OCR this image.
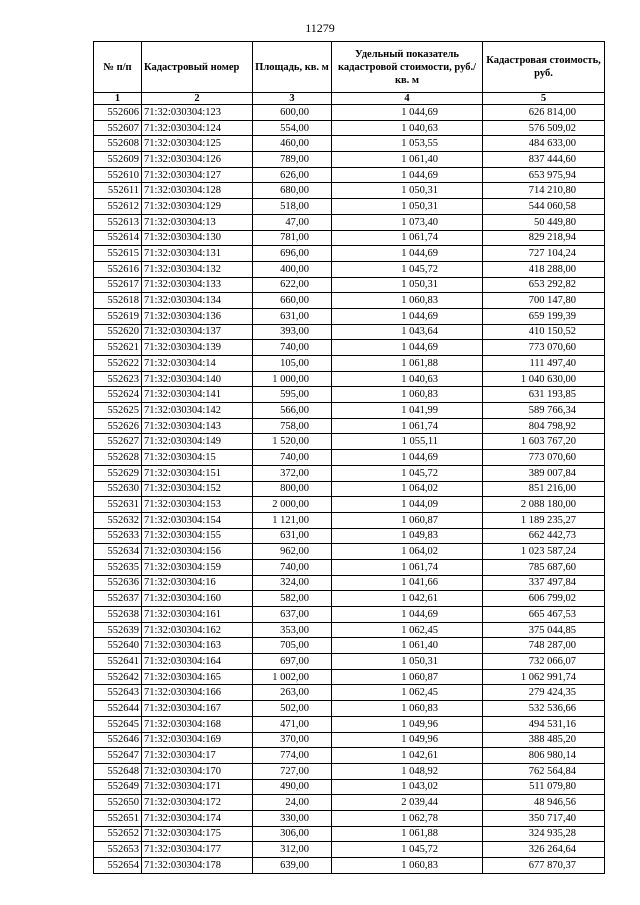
11279
№ п/п	Кадастровый номер	Площадь, кв. м	Удельный показатель кадастровой стоимости, руб./кв. м	Кадастровая стоимость, руб.
1	2	3	4	5
552606	71:32:030304:123	600,00	1 044,69	626 814,00
552607	71:32:030304:124	554,00	1 040,63	576 509,02
552608	71:32:030304:125	460,00	1 053,55	484 633,00
552609	71:32:030304:126	789,00	1 061,40	837 444,60
552610	71:32:030304:127	626,00	1 044,69	653 975,94
552611	71:32:030304:128	680,00	1 050,31	714 210,80
552612	71:32:030304:129	518,00	1 050,31	544 060,58
552613	71:32:030304:13	47,00	1 073,40	50 449,80
552614	71:32:030304:130	781,00	1 061,74	829 218,94
552615	71:32:030304:131	696,00	1 044,69	727 104,24
552616	71:32:030304:132	400,00	1 045,72	418 288,00
552617	71:32:030304:133	622,00	1 050,31	653 292,82
552618	71:32:030304:134	660,00	1 060,83	700 147,80
552619	71:32:030304:136	631,00	1 044,69	659 199,39
552620	71:32:030304:137	393,00	1 043,64	410 150,52
552621	71:32:030304:139	740,00	1 044,69	773 070,60
552622	71:32:030304:14	105,00	1 061,88	111 497,40
552623	71:32:030304:140	1 000,00	1 040,63	1 040 630,00
552624	71:32:030304:141	595,00	1 060,83	631 193,85
552625	71:32:030304:142	566,00	1 041,99	589 766,34
552626	71:32:030304:143	758,00	1 061,74	804 798,92
552627	71:32:030304:149	1 520,00	1 055,11	1 603 767,20
552628	71:32:030304:15	740,00	1 044,69	773 070,60
552629	71:32:030304:151	372,00	1 045,72	389 007,84
552630	71:32:030304:152	800,00	1 064,02	851 216,00
552631	71:32:030304:153	2 000,00	1 044,09	2 088 180,00
552632	71:32:030304:154	1 121,00	1 060,87	1 189 235,27
552633	71:32:030304:155	631,00	1 049,83	662 442,73
552634	71:32:030304:156	962,00	1 064,02	1 023 587,24
552635	71:32:030304:159	740,00	1 061,74	785 687,60
552636	71:32:030304:16	324,00	1 041,66	337 497,84
552637	71:32:030304:160	582,00	1 042,61	606 799,02
552638	71:32:030304:161	637,00	1 044,69	665 467,53
552639	71:32:030304:162	353,00	1 062,45	375 044,85
552640	71:32:030304:163	705,00	1 061,40	748 287,00
552641	71:32:030304:164	697,00	1 050,31	732 066,07
552642	71:32:030304:165	1 002,00	1 060,87	1 062 991,74
552643	71:32:030304:166	263,00	1 062,45	279 424,35
552644	71:32:030304:167	502,00	1 060,83	532 536,66
552645	71:32:030304:168	471,00	1 049,96	494 531,16
552646	71:32:030304:169	370,00	1 049,96	388 485,20
552647	71:32:030304:17	774,00	1 042,61	806 980,14
552648	71:32:030304:170	727,00	1 048,92	762 564,84
552649	71:32:030304:171	490,00	1 043,02	511 079,80
552650	71:32:030304:172	24,00	2 039,44	48 946,56
552651	71:32:030304:174	330,00	1 062,78	350 717,40
552652	71:32:030304:175	306,00	1 061,88	324 935,28
552653	71:32:030304:177	312,00	1 045,72	326 264,64
552654	71:32:030304:178	639,00	1 060,83	677 870,37
